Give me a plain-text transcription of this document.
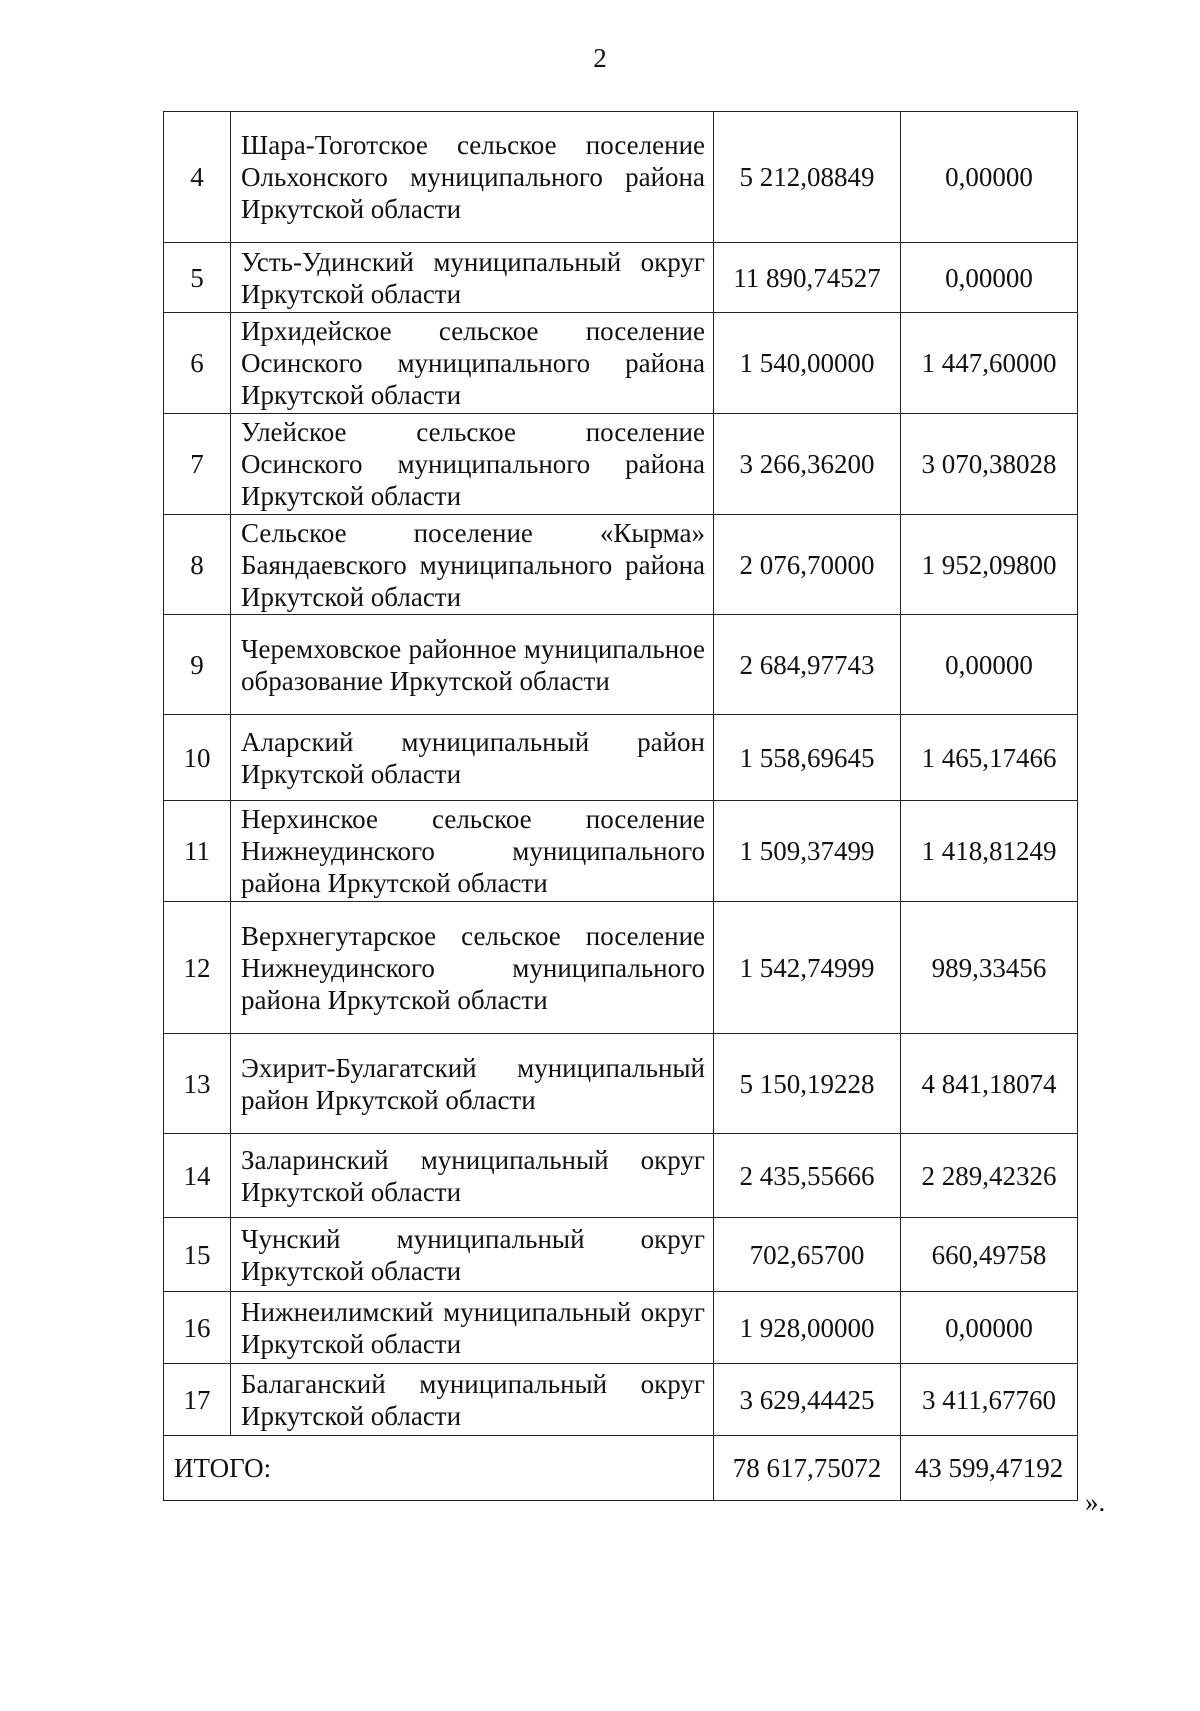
2
4	Шара-Тоготское сельское поселение Ольхонского муниципального района Иркутской области	5 212,08849	0,00000
5	Усть-Удинский муниципальный округ Иркутской области	11 890,74527	0,00000
6	Ирхидейское сельское поселение Осинского муниципального района Иркутской области	1 540,00000	1 447,60000
7	Улейское сельское поселение Осинского муниципального района Иркутской области	3 266,36200	3 070,38028
8	Сельское поселение «Кырма» Баяндаевского муниципального района Иркутской области	2 076,70000	1 952,09800
9	Черемховское районное муниципальное образование Иркутской области	2 684,97743	0,00000
10	Аларский муниципальный район Иркутской области	1 558,69645	1 465,17466
11	Нерхинское сельское поселение Нижнеудинского муниципального района Иркутской области	1 509,37499	1 418,81249
12	Верхнегутарское сельское поселение Нижнеудинского муниципального района Иркутской области	1 542,74999	989,33456
13	Эхирит-Булагатский муниципальный район Иркутской области	5 150,19228	4 841,18074
14	Заларинский муниципальный округ Иркутской области	2 435,55666	2 289,42326
15	Чунский муниципальный округ Иркутской области	702,65700	660,49758
16	Нижнеилимский муниципальный округ Иркутской области	1 928,00000	0,00000
17	Балаганский муниципальный округ Иркутской области	3 629,44425	3 411,67760
ИТОГО:		78 617,75072	43 599,47192
».
